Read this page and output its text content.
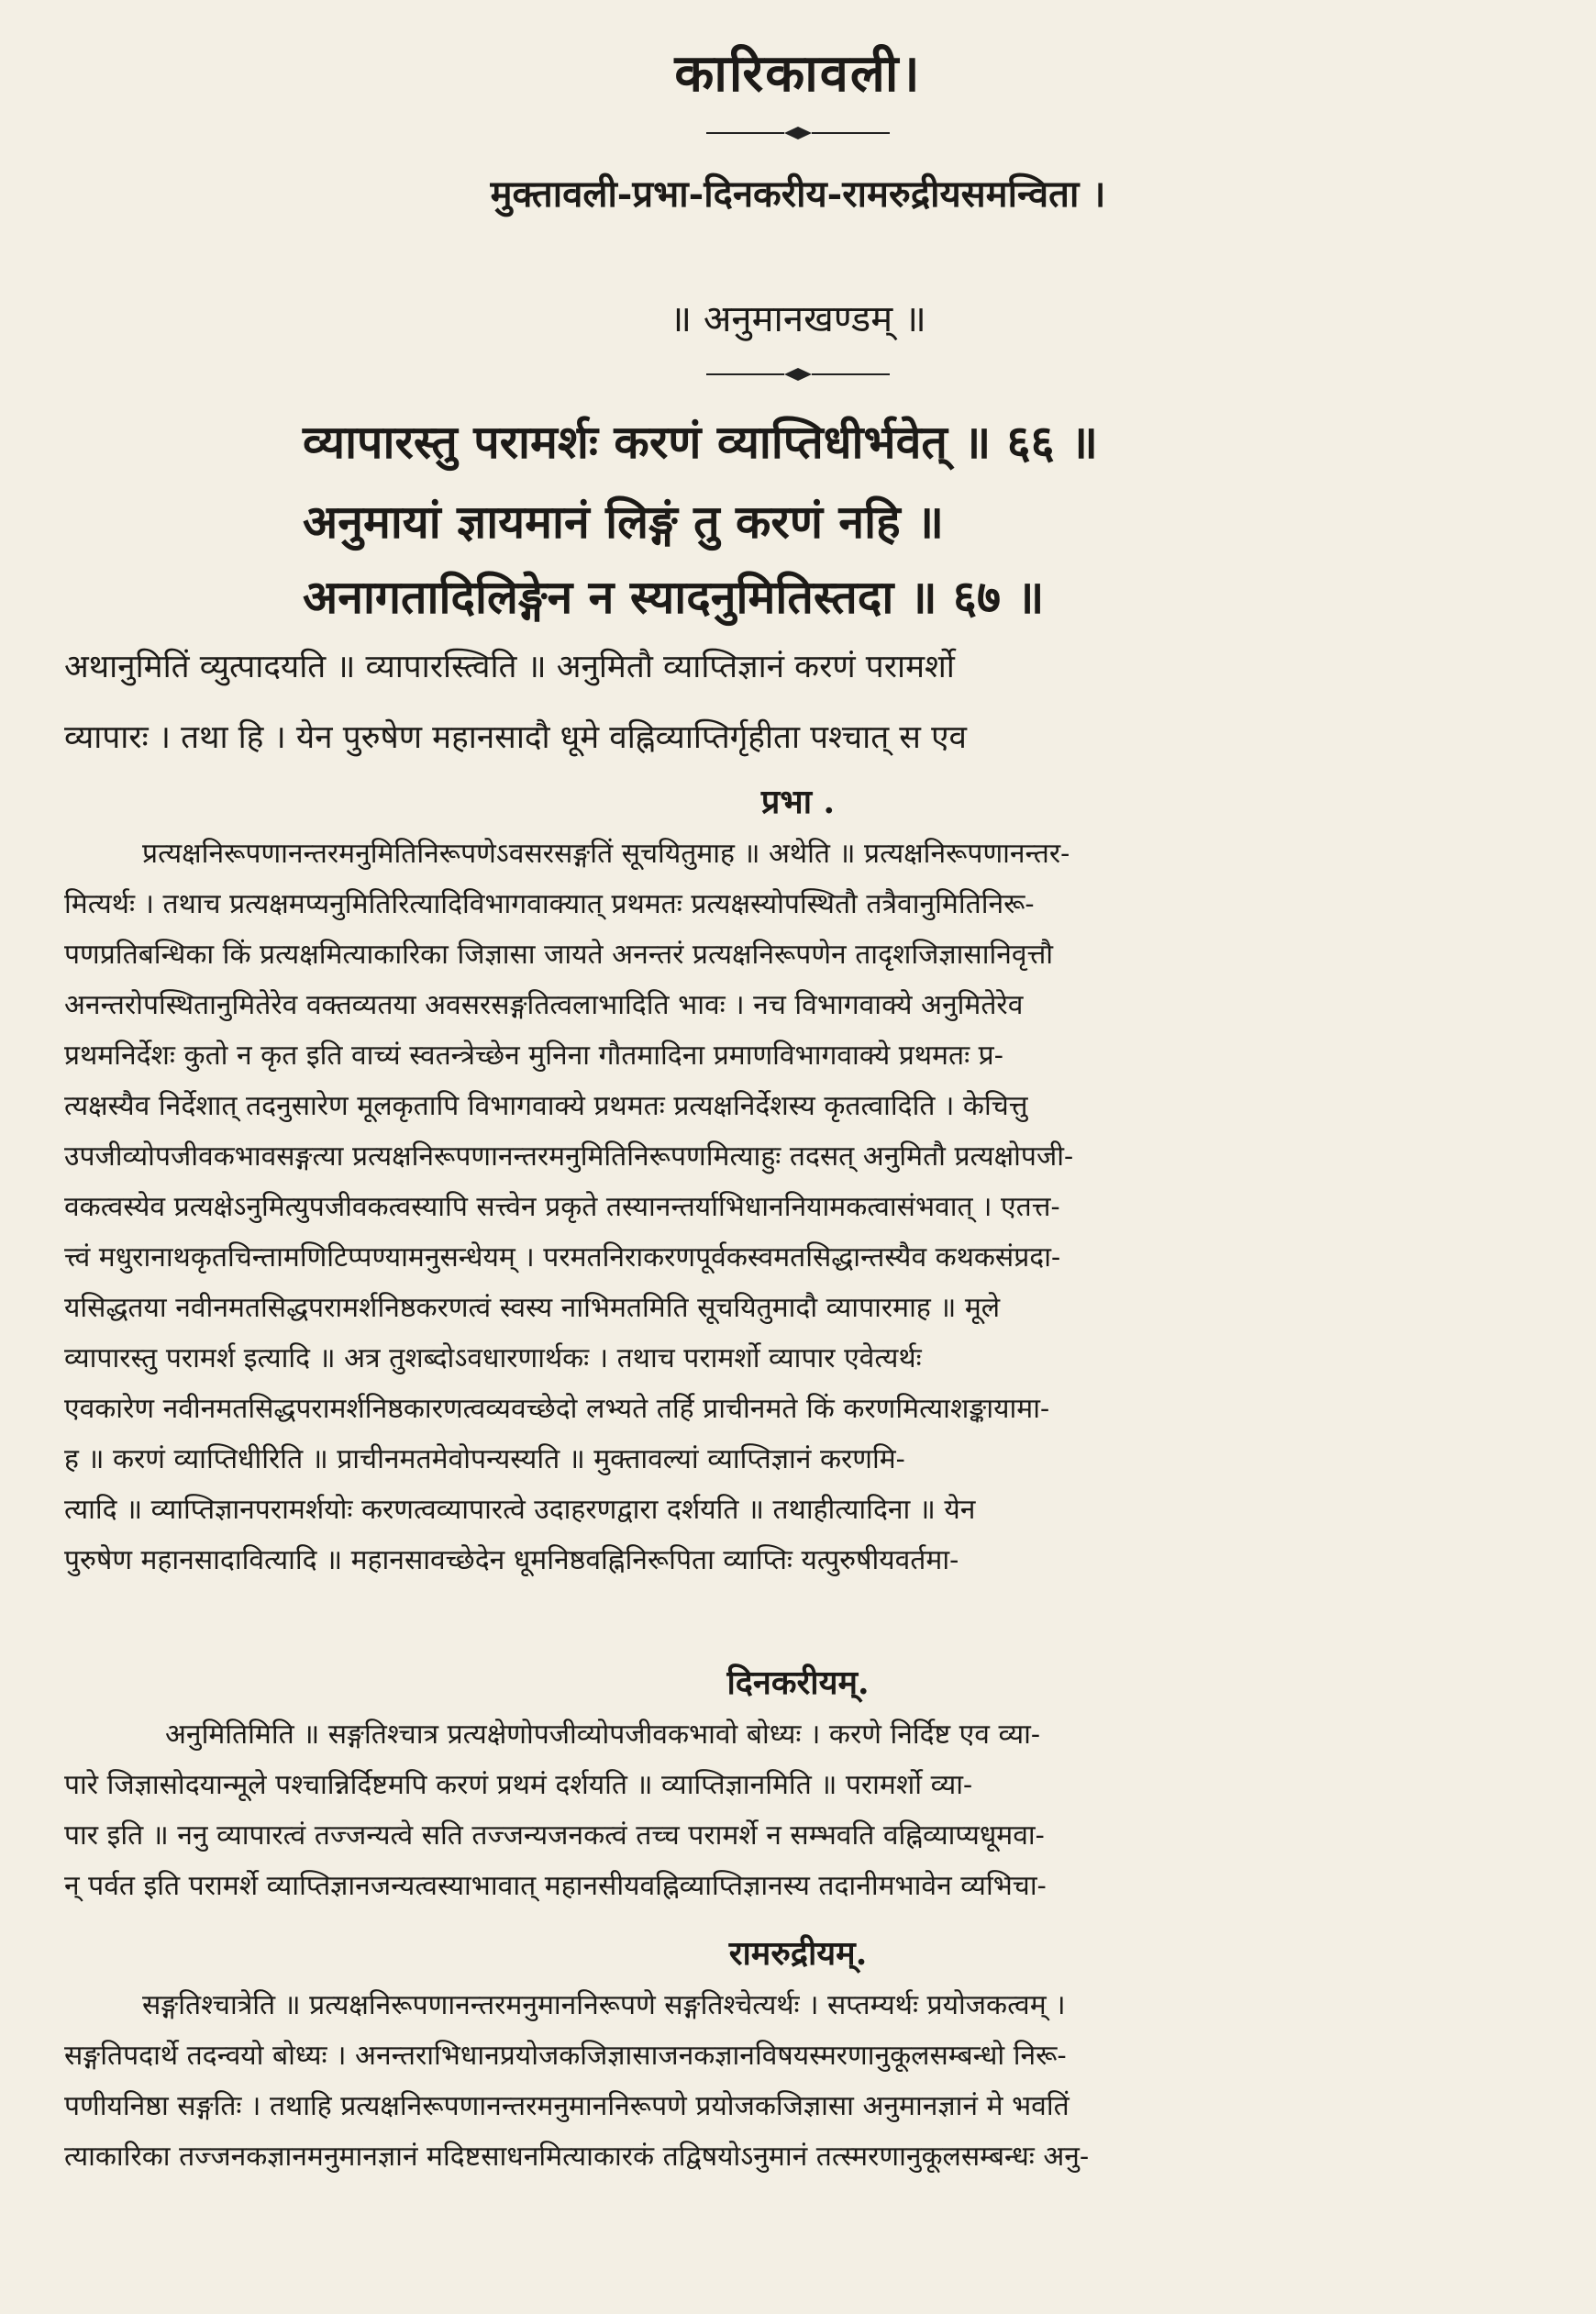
कारिकावली।
मुक्तावली-प्रभा-दिनकरीय-रामरुद्रीयसमन्विता ।
॥ अनुमानखण्डम् ॥
व्यापारस्तु परामर्शः करणं व्याप्तिधीर्भवेत् ॥ ६६ ॥
अनुमायां ज्ञायमानं लिङ्गं तु करणं नहि ॥
अनागतादिलिङ्गेन न स्यादनुमितिस्तदा ॥ ६७ ॥
अथानुमितिं व्युत्पादयति ॥ व्यापारस्त्विति ॥ अनुमितौ व्याप्तिज्ञानं करणं परामर्शो
व्यापारः । तथा हि । येन पुरुषेण महानसादौ धूमे वह्निव्याप्तिर्गृहीता पश्चात् स एव
प्रभा .
प्रत्यक्षनिरूपणानन्तरमनुमितिनिरूपणेऽवसरसङ्गतिं सूचयितुमाह ॥ अथेति ॥ प्रत्यक्षनिरूपणानन्तर-
मित्यर्थः । तथाच प्रत्यक्षमप्यनुमितिरित्यादिविभागवाक्यात् प्रथमतः प्रत्यक्षस्योपस्थितौ तत्रैवानुमितिनिरू-
पणप्रतिबन्धिका किं प्रत्यक्षमित्याकारिका जिज्ञासा जायते अनन्तरं प्रत्यक्षनिरूपणेन तादृशजिज्ञासानिवृत्तौ
अनन्तरोपस्थितानुमितेरेव वक्तव्यतया अवसरसङ्गतित्वलाभादिति भावः । नच विभागवाक्ये अनुमितेरेव
प्रथमनिर्देशः कुतो न कृत इति वाच्यं स्वतन्त्रेच्छेन मुनिना गौतमादिना प्रमाणविभागवाक्ये प्रथमतः प्र-
त्यक्षस्यैव निर्देशात् तदनुसारेण मूलकृतापि विभागवाक्ये प्रथमतः प्रत्यक्षनिर्देशस्य कृतत्वादिति । केचित्तु
उपजीव्योपजीवकभावसङ्गत्या प्रत्यक्षनिरूपणानन्तरमनुमितिनिरूपणमित्याहुः तदसत् अनुमितौ प्रत्यक्षोपजी-
वकत्वस्येव प्रत्यक्षेऽनुमित्युपजीवकत्वस्यापि सत्त्वेन प्रकृते तस्यानन्तर्याभिधाननियामकत्वासंभवात् । एतत्त-
त्त्वं मधुरानाथकृतचिन्तामणिटिप्पण्यामनुसन्धेयम् । परमतनिराकरणपूर्वकस्वमतसिद्धान्तस्यैव कथकसंप्रदा-
यसिद्धतया नवीनमतसिद्धपरामर्शनिष्ठकरणत्वं स्वस्य नाभिमतमिति सूचयितुमादौ व्यापारमाह ॥ मूले
व्यापारस्तु परामर्श इत्यादि ॥ अत्र तुशब्दोऽवधारणार्थकः । तथाच परामर्शो व्यापार एवेत्यर्थः
एवकारेण नवीनमतसिद्धपरामर्शनिष्ठकारणत्वव्यवच्छेदो लभ्यते तर्हि प्राचीनमते किं करणमित्याशङ्कायामा-
ह ॥ करणं व्याप्तिधीरिति ॥ प्राचीनमतमेवोपन्यस्यति ॥ मुक्तावल्यां व्याप्तिज्ञानं करणमि-
त्यादि ॥ व्याप्तिज्ञानपरामर्शयोः करणत्वव्यापारत्वे उदाहरणद्वारा दर्शयति ॥ तथाहीत्यादिना ॥ येन
पुरुषेण महानसादावित्यादि ॥ महानसावच्छेदेन धूमनिष्ठवह्निनिरूपिता व्याप्तिः यत्पुरुषीयवर्तमा-
दिनकरीयम्.
अनुमितिमिति ॥ सङ्गतिश्चात्र प्रत्यक्षेणोपजीव्योपजीवकभावो बोध्यः । करणे निर्दिष्ट एव व्या-
पारे जिज्ञासोदयान्मूले पश्चान्निर्दिष्टमपि करणं प्रथमं दर्शयति ॥ व्याप्तिज्ञानमिति ॥ परामर्शो व्या-
पार इति ॥ ननु व्यापारत्वं तज्जन्यत्वे सति तज्जन्यजनकत्वं तच्च परामर्शे न सम्भवति वह्निव्याप्यधूमवा-
न् पर्वत इति परामर्शे व्याप्तिज्ञानजन्यत्वस्याभावात् महानसीयवह्निव्याप्तिज्ञानस्य तदानीमभावेन व्यभिचा-
रामरुद्रीयम्.
सङ्गतिश्चात्रेति ॥ प्रत्यक्षनिरूपणानन्तरमनुमाननिरूपणे सङ्गतिश्चेत्यर्थः । सप्तम्यर्थः प्रयोजकत्वम् ।
सङ्गतिपदार्थे तदन्वयो बोध्यः । अनन्तराभिधानप्रयोजकजिज्ञासाजनकज्ञानविषयस्मरणानुकूलसम्बन्धो निरू-
पणीयनिष्ठा सङ्गतिः । तथाहि प्रत्यक्षनिरूपणानन्तरमनुमाननिरूपणे प्रयोजकजिज्ञासा अनुमानज्ञानं मे भवतिं
त्याकारिका तज्जनकज्ञानमनुमानज्ञानं मदिष्टसाधनमित्याकारकं तद्विषयोऽनुमानं तत्स्मरणानुकूलसम्बन्धः अनु-
